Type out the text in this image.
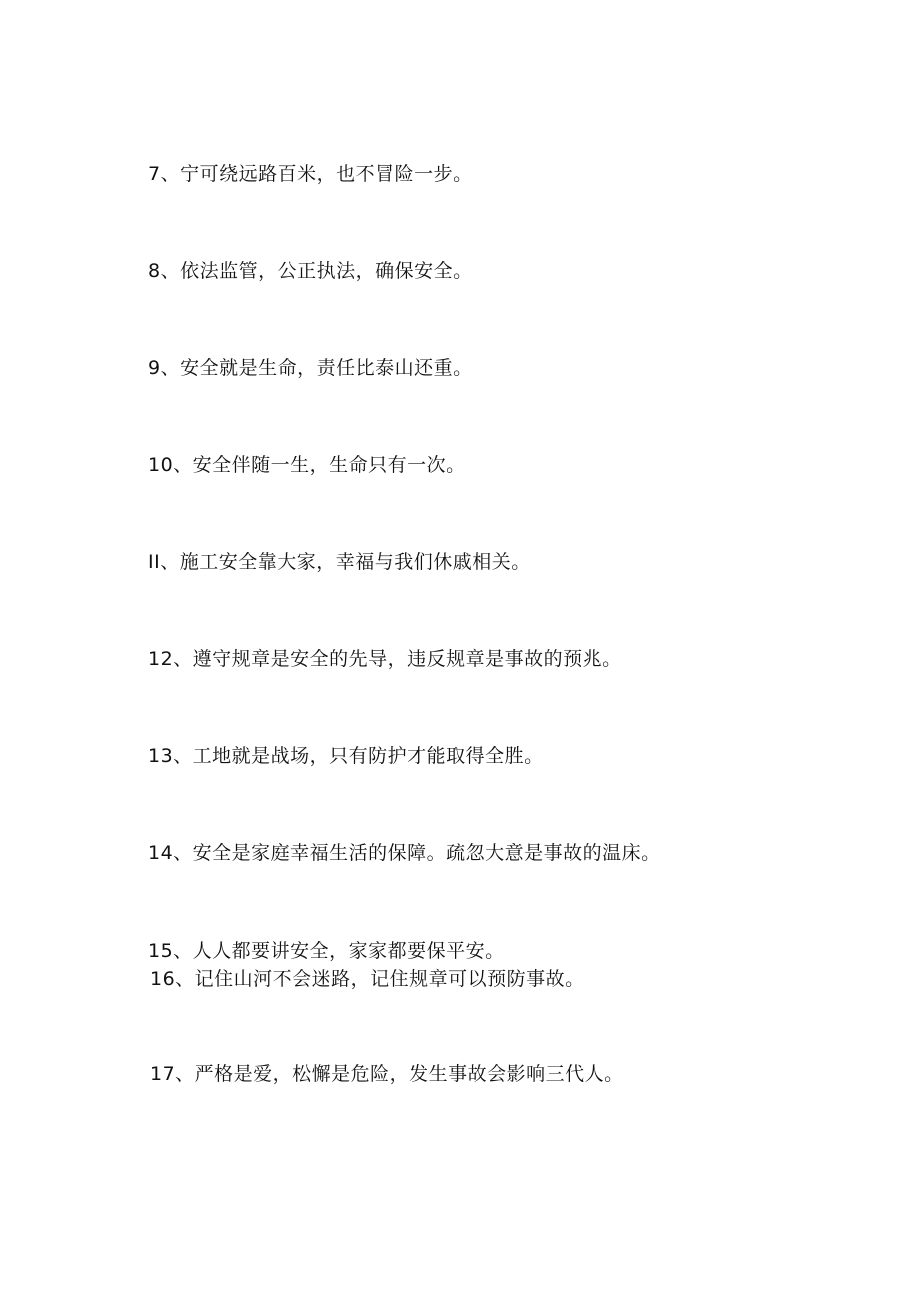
7、宁可绕远路百米，也不冒险一步。
8、依法监管，公正执法，确保安全。
9、安全就是生命，责任比泰山还重。
10、安全伴随一生，生命只有一次。
II、施工安全靠大家，幸福与我们休戚相关。
12、遵守规章是安全的先导，违反规章是事故的预兆。
13、工地就是战场，只有防护才能取得全胜。
14、安全是家庭幸福生活的保障。疏忽大意是事故的温床。
15、人人都要讲安全，家家都要保平安。
16、记住山河不会迷路，记住规章可以预防事故。
17、严格是爱，松懈是危险，发生事故会影响三代人。
